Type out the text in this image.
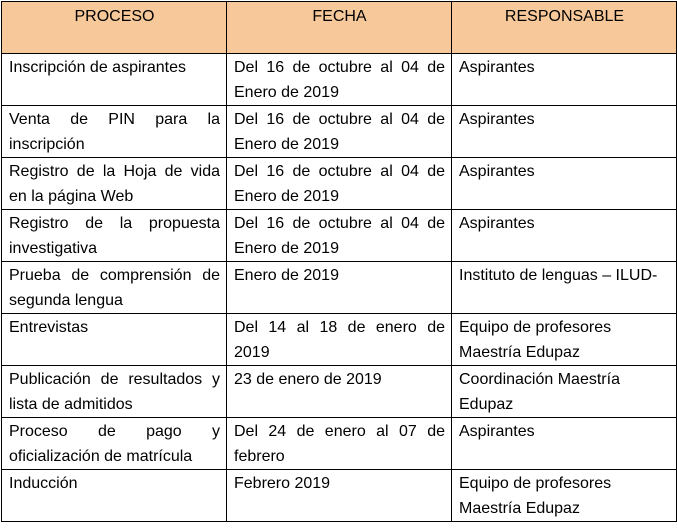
PROCESO	FECHA	RESPONSABLE
Inscripción de aspirantes	Del 16 de octubre al 04 de Enero de 2019	Aspirantes
Venta de PIN para la inscripción	Del 16 de octubre al 04 de Enero de 2019	Aspirantes
Registro de la Hoja de vida en la página Web	Del 16 de octubre al 04 de Enero de 2019	Aspirantes
Registro de la propuesta investigativa	Del 16 de octubre al 04 de Enero de 2019	Aspirantes
Prueba de comprensión de segunda lengua	Enero de 2019	Instituto de lenguas – ILUD-
Entrevistas	Del 14 al 18 de enero de 2019	Equipo de profesores Maestría Edupaz
Publicación de resultados y lista de admitidos	23 de enero de 2019	Coordinación Maestría Edupaz
Proceso de pago y oficialización de matrícula	Del 24 de enero al 07 de febrero	Aspirantes
Inducción	Febrero 2019	Equipo de profesores Maestría Edupaz
